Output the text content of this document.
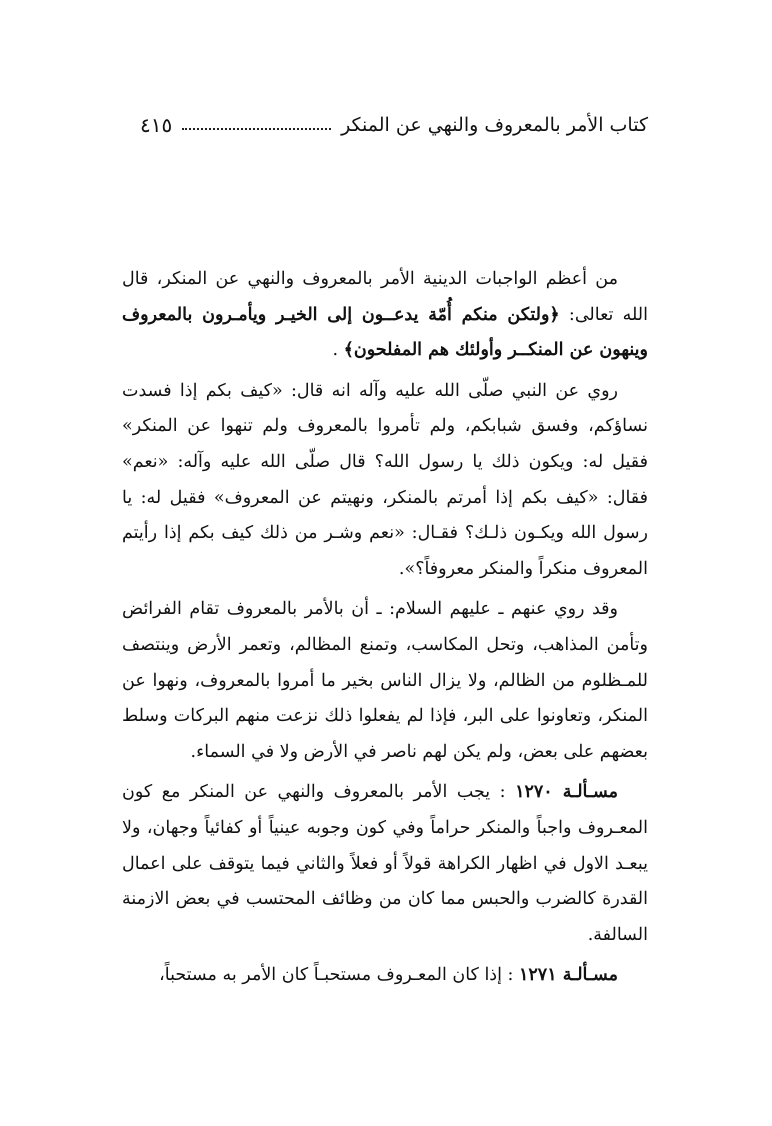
كتاب الأمر بالمعروف والنهي عن المنكر
٤١٥

من أعظم الواجبات الدينية الأمر بالمعروف والنهي عن المنكر، قال الله تعالى: ﴿ولتكن منكم أُمّة يدعــون إلى الخيـر ويأمـرون بالمعروف وينهون عن المنكــر وأولئك هم المفلحون﴾ .

روي عن النبي صلّى الله عليه وآله انه قال: «كيف بكم إذا فسدت نساؤكم، وفسق شبابكم، ولم تأمروا بالمعروف ولم تنهوا عن المنكر» فقيل له: ويكون ذلك يا رسول الله؟ قال صلّى الله عليه وآله: «نعم» فقال: «كيف بكم إذا أمرتم بالمنكر، ونهيتم عن المعروف» فقيل له: يا رسول الله ويكـون ذلـك؟ فقـال: «نعم وشـر من ذلك كيف بكم إذا رأيتم المعروف منكراً والمنكر معروفاً؟».

وقد روي عنهم ـ عليهم السلام: ـ أن بالأمر بالمعروف تقام الفرائض وتأمن المذاهب، وتحل المكاسب، وتمنع المظالم، وتعمر الأرض وينتصف للمـظلوم من الظالم، ولا يزال الناس بخير ما أمروا بالمعروف، ونهوا عن المنكر، وتعاونوا على البر، فإذا لم يفعلوا ذلك نزعت منهم البركات وسلط بعضهم على بعض، ولم يكن لهم ناصر في الأرض ولا في السماء.

مسـألـة ١٢٧٠ : يجب الأمر بالمعروف والنهي عن المنكر مع كون المعـروف واجباً والمنكر حراماً وفي كون وجوبه عينياً أو كفائياً وجهان، ولا يبعـد الاول في اظهار الكراهة قولاً أو فعلاً والثاني فيما يتوقف على اعمال القدرة كالضرب والحبس مما كان من وظائف المحتسب في بعض الازمنة السالفة.

مسـألـة ١٢٧١ : إذا كان المعـروف مستحبـاً كان الأمر به مستحباً،
